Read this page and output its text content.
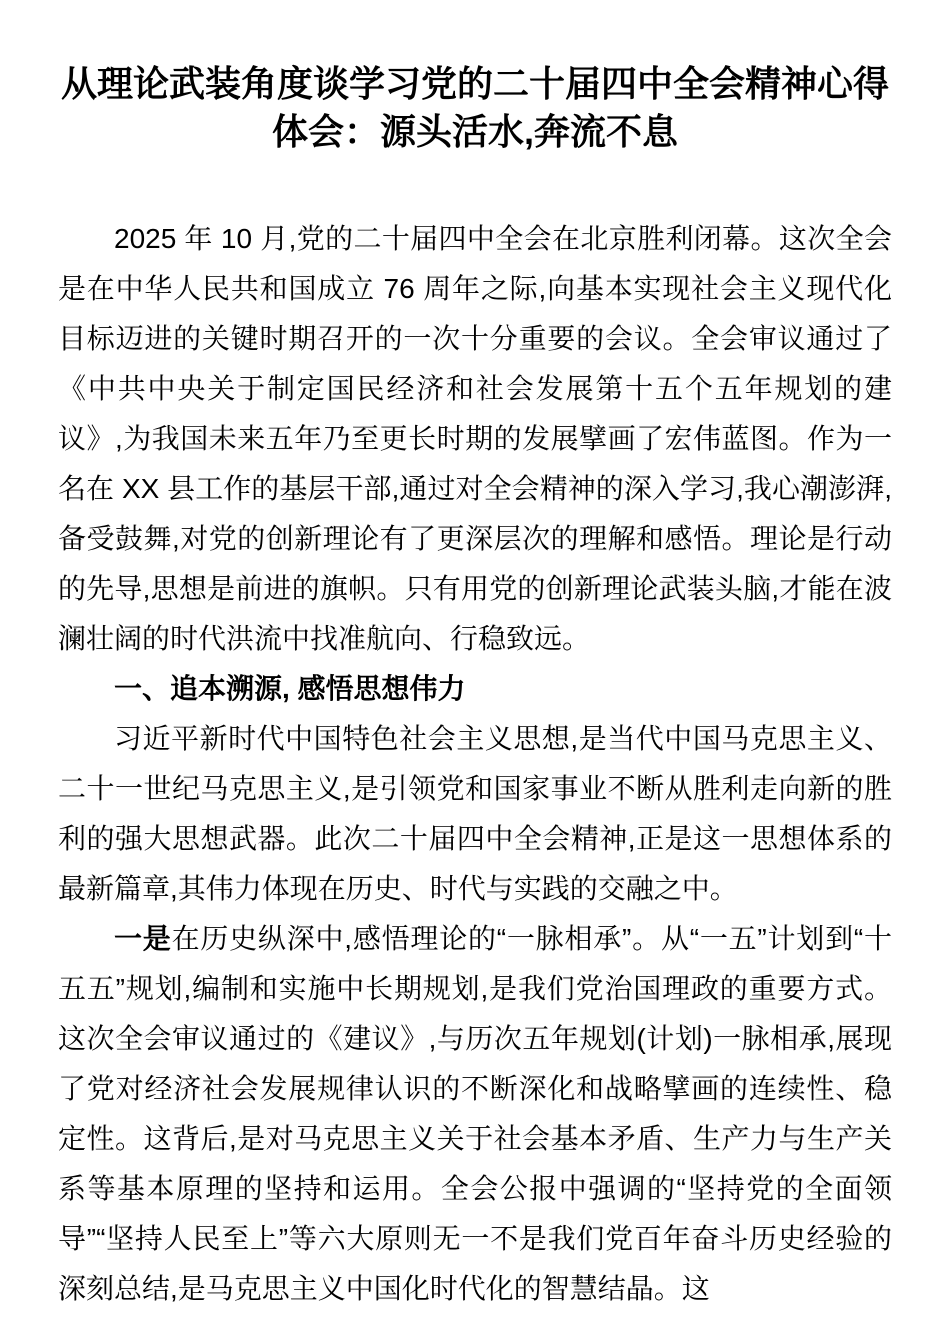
从理论武装角度谈学习党的二十届四中全会精神心得体会：源头活水,奔流不息

2025 年 10 月,党的二十届四中全会在北京胜利闭幕。这次全会是在中华人民共和国成立 76 周年之际,向基本实现社会主义现代化目标迈进的关键时期召开的一次十分重要的会议。全会审议通过了《中共中央关于制定国民经济和社会发展第十五个五年规划的建议》,为我国未来五年乃至更长时期的发展擘画了宏伟蓝图。作为一名在 XX 县工作的基层干部,通过对全会精神的深入学习,我心潮澎湃,备受鼓舞,对党的创新理论有了更深层次的理解和感悟。理论是行动的先导,思想是前进的旗帜。只有用党的创新理论武装头脑,才能在波澜壮阔的时代洪流中找准航向、行稳致远。

一、追本溯源, 感悟思想伟力

习近平新时代中国特色社会主义思想,是当代中国马克思主义、二十一世纪马克思主义,是引领党和国家事业不断从胜利走向新的胜利的强大思想武器。此次二十届四中全会精神,正是这一思想体系的最新篇章,其伟力体现在历史、时代与实践的交融之中。

一是在历史纵深中,感悟理论的“一脉相承”。从“一五”计划到“十五五”规划,编制和实施中长期规划,是我们党治国理政的重要方式。这次全会审议通过的《建议》,与历次五年规划(计划)一脉相承,展现了党对经济社会发展规律认识的不断深化和战略擘画的连续性、稳定性。这背后,是对马克思主义关于社会基本矛盾、生产力与生产关系等基本原理的坚持和运用。全会公报中强调的“坚持党的全面领导”“坚持人民至上”等六大原则无一不是我们党百年奋斗历史经验的深刻总结,是马克思主义中国化时代化的智慧结晶。这
